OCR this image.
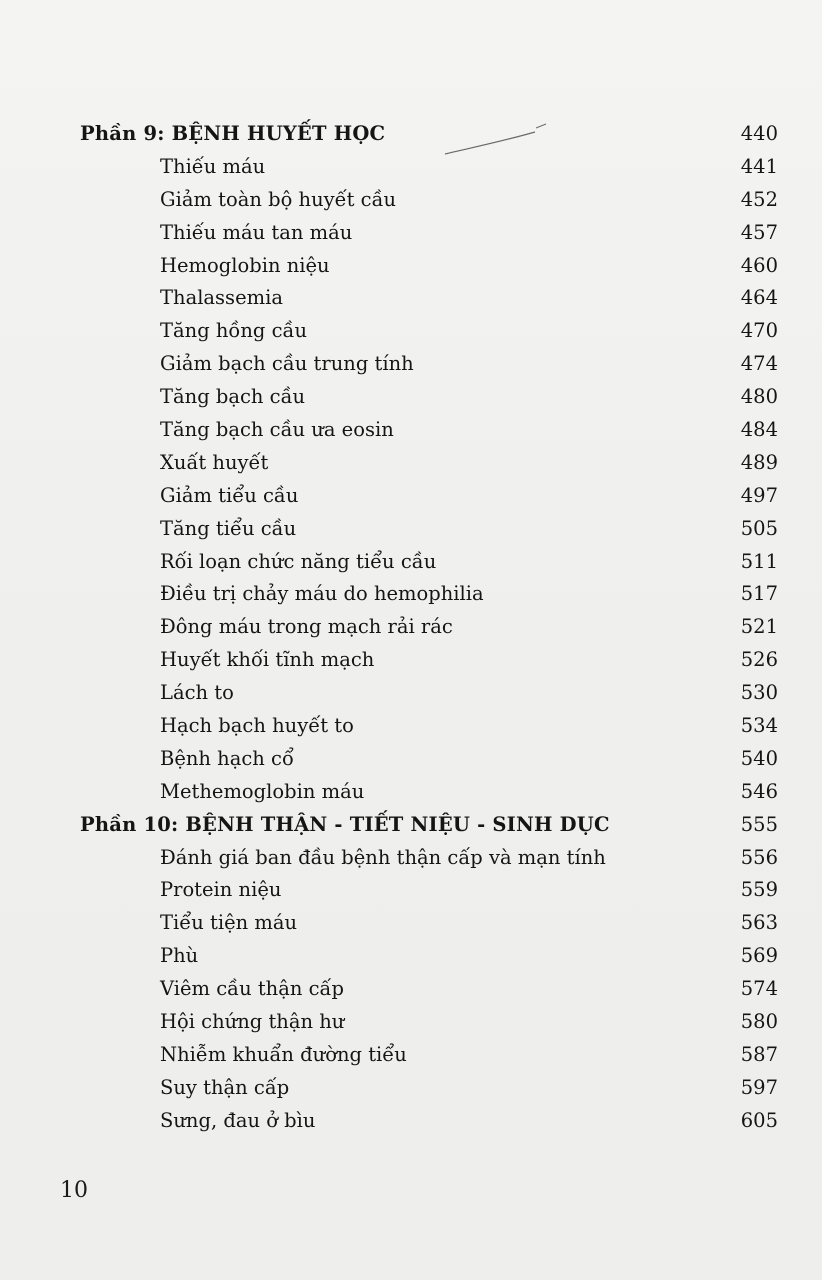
Phần 9: BỆNH HUYẾT HỌC	440
Thiếu máu	441
Giảm toàn bộ huyết cầu	452
Thiếu máu tan máu	457
Hemoglobin niệu	460
Thalassemia	464
Tăng hồng cầu	470
Giảm bạch cầu trung tính	474
Tăng bạch cầu	480
Tăng bạch cầu ưa eosin	484
Xuất huyết	489
Giảm tiểu cầu	497
Tăng tiểu cầu	505
Rối loạn chức năng tiểu cầu	511
Điều trị chảy máu do hemophilia	517
Đông máu trong mạch rải rác	521
Huyết khối tĩnh mạch	526
Lách to	530
Hạch bạch huyết to	534
Bệnh hạch cổ	540
Methemoglobin máu	546
Phần 10: BỆNH THẬN - TIẾT NIỆU - SINH DỤC	555
Đánh giá ban đầu bệnh thận cấp và mạn tính	556
Protein niệu	559
Tiểu tiện máu	563
Phù	569
Viêm cầu thận cấp	574
Hội chứng thận hư	580
Nhiễm khuẩn đường tiểu	587
Suy thận cấp	597
Sưng, đau ở bìu	605
10
